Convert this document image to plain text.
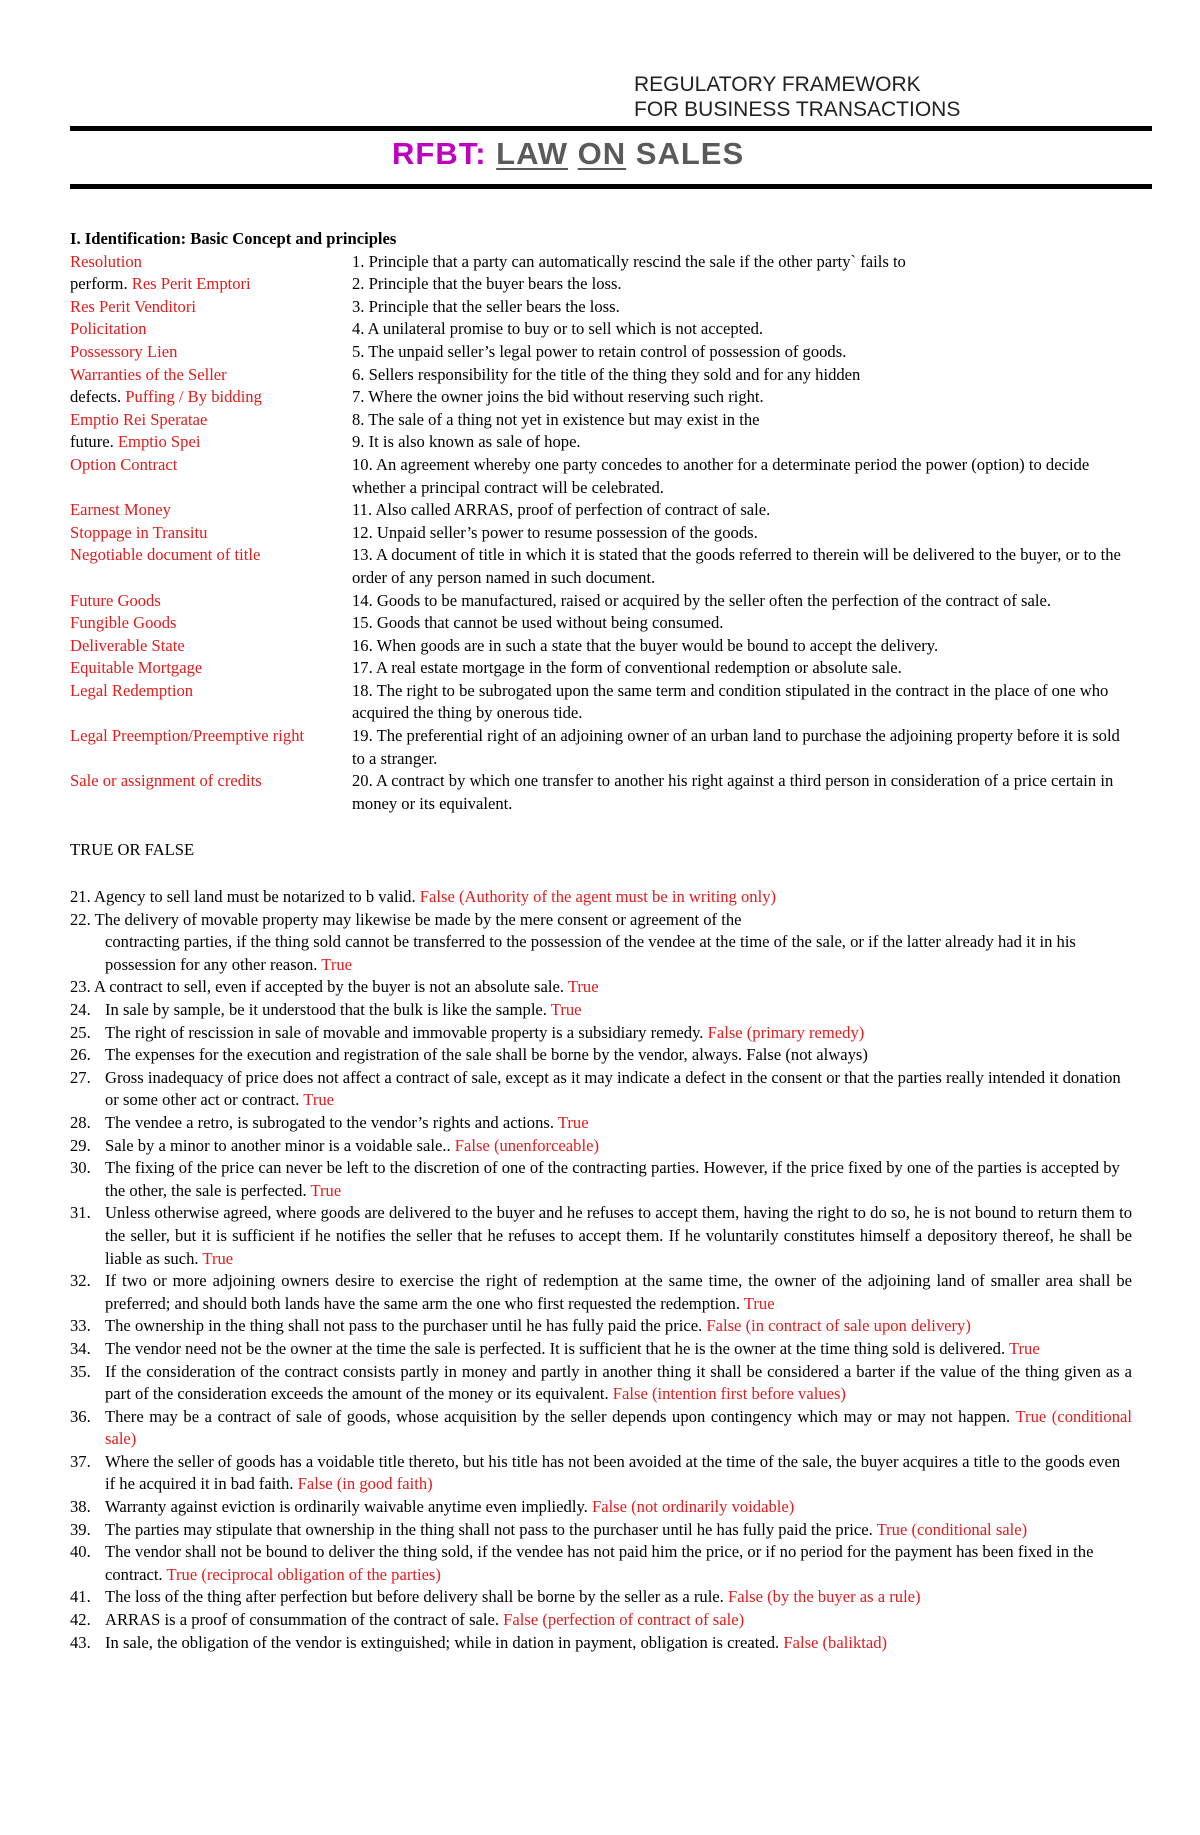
REGULATORY FRAMEWORK
FOR BUSINESS TRANSACTIONS
RFBT: LAW ON SALES
I. Identification: Basic Concept and principles
Resolution	1. Principle that a party can automatically rescind the sale if the other party` fails to
perform. Res Perit Emptori	2. Principle that the buyer bears the loss.
Res Perit Venditori	3. Principle that the seller bears the loss.
Policitation	4. A unilateral promise to buy or to sell which is not accepted.
Possessory Lien	5. The unpaid seller’s legal power to retain control of possession of goods.
Warranties of the Seller	6. Sellers responsibility for the title of the thing they sold and for any hidden
defects. Puffing / By bidding	7. Where the owner joins the bid without reserving such right.
Emptio Rei Speratae	8. The sale of a thing not yet in existence but may exist in the
future. Emptio Spei	9. It is also known as sale of hope.
Option Contract	10. An agreement whereby one party concedes to another for a determinate period the power (option) to decide whether a principal contract will be celebrated.
Earnest Money	11. Also called ARRAS, proof of perfection of contract of sale.
Stoppage in Transitu	12. Unpaid seller’s power to resume possession of the goods.
Negotiable document of title	13. A document of title in which it is stated that the goods referred to therein will be delivered to the buyer, or to the order of any person named in such document.
Future Goods	14. Goods to be manufactured, raised or acquired by the seller often the perfection of the contract of sale.
Fungible Goods	15. Goods that cannot be used without being consumed.
Deliverable State	16. When goods are in such a state that the buyer would be bound to accept the delivery.
Equitable Mortgage	17. A real estate mortgage in the form of conventional redemption or absolute sale.
Legal Redemption	18. The right to be subrogated upon the same term and condition stipulated in the contract in the place of one who acquired the thing by onerous tide.
Legal Preemption/Preemptive right	19. The preferential right of an adjoining owner of an urban land to purchase the adjoining property before it is sold to a stranger.
Sale or assignment of credits	20. A contract by which one transfer to another his right against a third person in consideration of a price certain in money or its equivalent.
TRUE OR FALSE
21. Agency to sell land must be notarized to b valid. False (Authority of the agent must be in writing only)
22. The delivery of movable property may likewise be made by the mere consent or agreement of the
contracting parties, if the thing sold cannot be transferred to the possession of the vendee at the time of the sale, or if the latter already had it in his possession for any other reason. True
23. A contract to sell, even if accepted by the buyer is not an absolute sale. True
24. In sale by sample, be it understood that the bulk is like the sample. True
25. The right of rescission in sale of movable and immovable property is a subsidiary remedy. False (primary remedy)
26. The expenses for the execution and registration of the sale shall be borne by the vendor, always. False (not always)
27. Gross inadequacy of price does not affect a contract of sale, except as it may indicate a defect in the consent or that the parties really intended it donation or some other act or contract. True
28. The vendee a retro, is subrogated to the vendor’s rights and actions. True
29. Sale by a minor to another minor is a voidable sale.. False (unenforceable)
30. The fixing of the price can never be left to the discretion of one of the contracting parties. However, if the price fixed by one of the parties is accepted by the other, the sale is perfected. True
31. Unless otherwise agreed, where goods are delivered to the buyer and he refuses to accept them, having the right to do so, he is not bound to return them to the seller, but it is sufficient if he notifies the seller that he refuses to accept them. If he voluntarily constitutes himself a depository thereof, he shall be liable as such. True
32. If two or more adjoining owners desire to exercise the right of redemption at the same time, the owner of the adjoining land of smaller area shall be preferred; and should both lands have the same arm the one who first requested the redemption. True
33. The ownership in the thing shall not pass to the purchaser until he has fully paid the price. False (in contract of sale upon delivery)
34. The vendor need not be the owner at the time the sale is perfected. It is sufficient that he is the owner at the time thing sold is delivered. True
35. If the consideration of the contract consists partly in money and partly in another thing it shall be considered a barter if the value of the thing given as a part of the consideration exceeds the amount of the money or its equivalent. False (intention first before values)
36. There may be a contract of sale of goods, whose acquisition by the seller depends upon contingency which may or may not happen. True (conditional sale)
37. Where the seller of goods has a voidable title thereto, but his title has not been avoided at the time of the sale, the buyer acquires a title to the goods even if he acquired it in bad faith. False (in good faith)
38. Warranty against eviction is ordinarily waivable anytime even impliedly. False (not ordinarily voidable)
39. The parties may stipulate that ownership in the thing shall not pass to the purchaser until he has fully paid the price. True (conditional sale)
40. The vendor shall not be bound to deliver the thing sold, if the vendee has not paid him the price, or if no period for the payment has been fixed in the contract. True (reciprocal obligation of the parties)
41. The loss of the thing after perfection but before delivery shall be borne by the seller as a rule. False (by the buyer as a rule)
42. ARRAS is a proof of consummation of the contract of sale. False (perfection of contract of sale)
43. In sale, the obligation of the vendor is extinguished; while in dation in payment, obligation is created. False (baliktad)
